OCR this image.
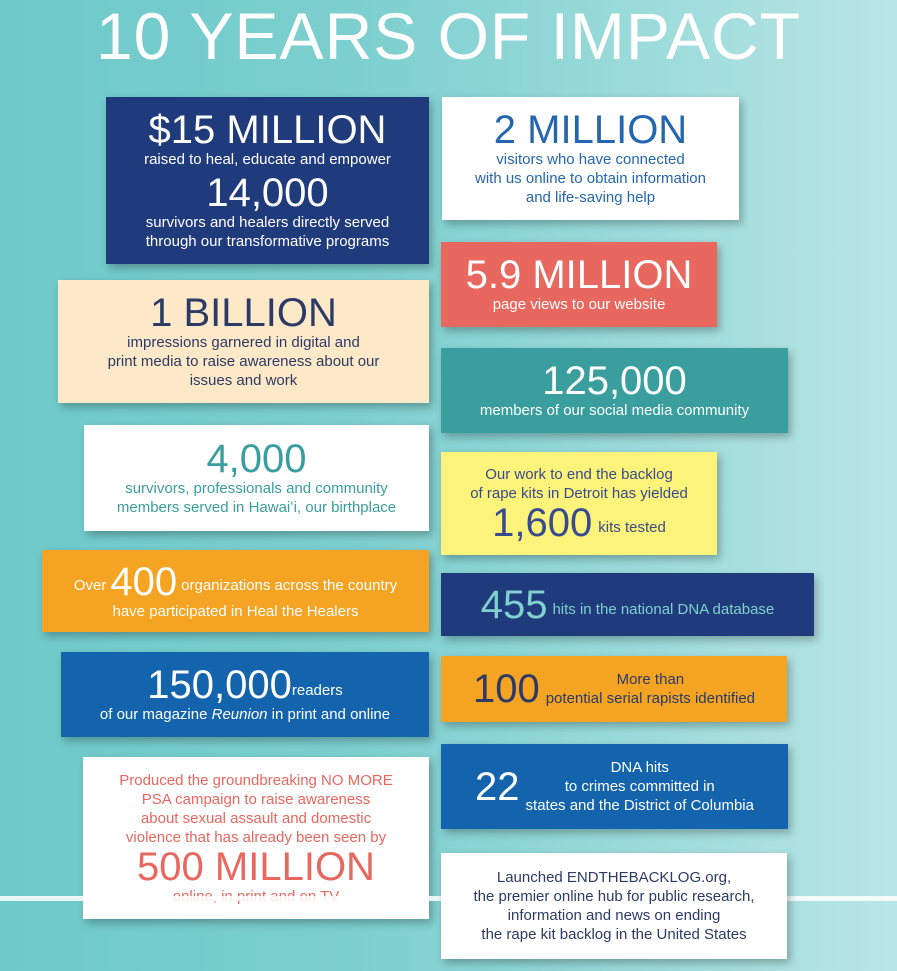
10 YEARS OF IMPACT
$15 MILLION
raised to heal, educate and empower
14,000
survivors and healers directly served
through our transformative programs
2 MILLION
visitors who have connected
with us online to obtain information
and life-saving help
5.9 MILLION
page views to our website
1 BILLION
impressions garnered in digital and
print media to raise awareness about our
issues and work	125,000
members of our social media community
4,000
survivors, professionals and community
members served in Hawaiʻi, our birthplace
Our work to end the backlog
of rape kits in Detroit has yielded
1,600 kits tested
Over 400 organizations across the country
have participated in Heal the Healers	455 hits in the national DNA database
150,000 readers
of our magazine Reunion in print and online
100	More than
potential serial rapists identified
Produced the groundbreaking NO MORE
PSA campaign to raise awareness
about sexual assault and domestic
violence that has already been seen by
500 MILLION
22	DNA hits
to crimes committed in
states and the District of Columbia
Launched ENDTHEBACKLOG.org,
the premier online hub for public research,
information and news on ending
the rape kit backlog in the United States
